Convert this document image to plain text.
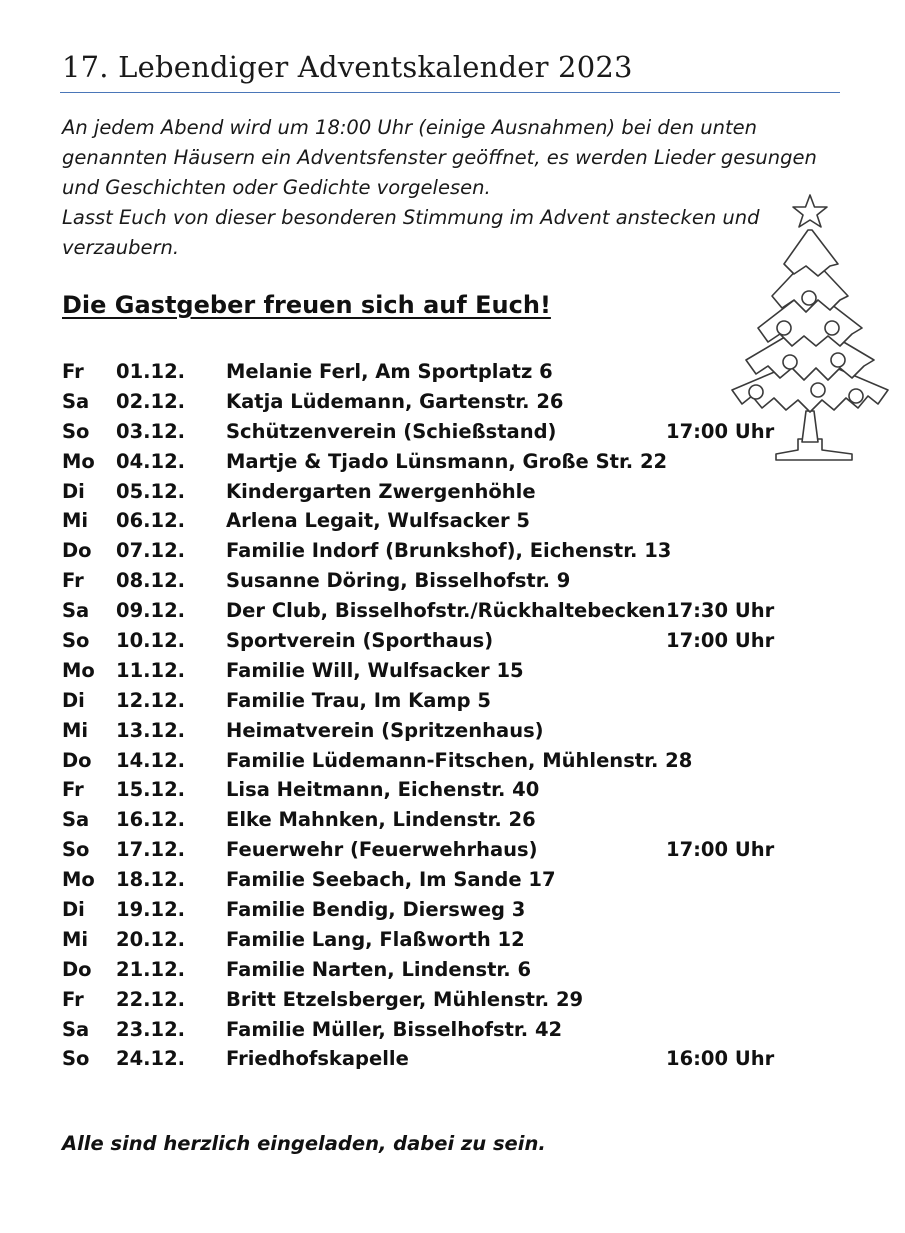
17. Lebendiger Adventskalender 2023
An jedem Abend wird um 18:00 Uhr (einige Ausnahmen) bei den unten
genannten Häusern ein Adventsfenster geöffnet, es werden Lieder gesungen
und Geschichten oder Gedichte vorgelesen.
Lasst Euch von dieser besonderen Stimmung im Advent anstecken und
verzaubern.
Die Gastgeber freuen sich auf Euch!
Fr 01.12. Melanie Ferl, Am Sportplatz 6
Sa 02.12. Katja Lüdemann, Gartenstr. 26
So 03.12. Schützenverein (Schießstand)	17:00 Uhr
Mo 04.12. Martje & Tjado Lünsmann, Große Str. 22
Di 05.12. Kindergarten Zwergenhöhle
Mi 06.12. Arlena Legait, Wulfsacker 5
Do 07.12. Familie Indorf (Brunkshof), Eichenstr. 13
Fr 08.12. Susanne Döring, Bisselhofstr. 9
Sa 09.12. Der Club, Bisselhofstr./Rückhaltebecken 17:30 Uhr
So 10.12. Sportverein (Sporthaus)	17:00 Uhr
Mo 11.12. Familie Will, Wulfsacker 15
Di 12.12. Familie Trau, Im Kamp 5
Mi 13.12. Heimatverein (Spritzenhaus)
Do 14.12. Familie Lüdemann-Fitschen, Mühlenstr. 28
Fr 15.12. Lisa Heitmann, Eichenstr. 40
Sa 16.12. Elke Mahnken, Lindenstr. 26
So 17.12. Feuerwehr (Feuerwehrhaus)	17:00 Uhr
Mo 18.12. Familie Seebach, Im Sande 17
Di 19.12. Familie Bendig, Diersweg 3
Mi 20.12. Familie Lang, Flaßworth 12
Do 21.12. Familie Narten, Lindenstr. 6
Fr 22.12. Britt Etzelsberger, Mühlenstr. 29
Sa 23.12. Familie Müller, Bisselhofstr. 42
So 24.12. Friedhofskapelle	16:00 Uhr
Alle sind herzlich eingeladen, dabei zu sein.
